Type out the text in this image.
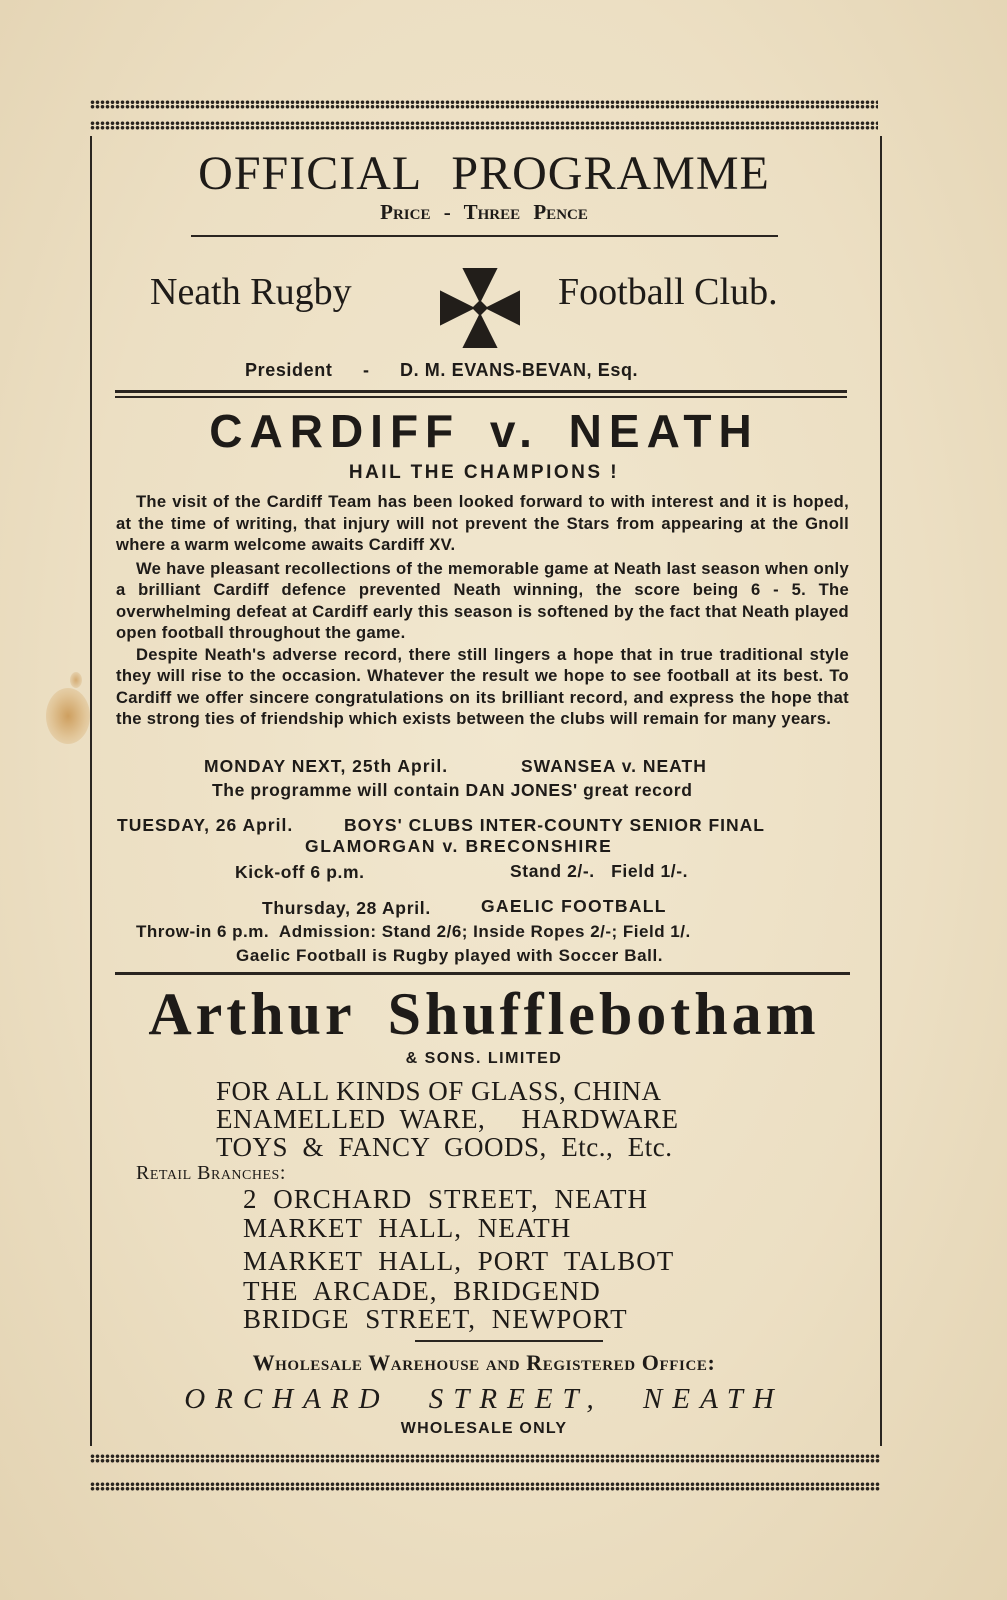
OFFICIAL PROGRAMME
Price - Three Pence
Neath Rugby	Football Club.
President - D. M. EVANS-BEVAN, Esq.
CARDIFF v. NEATH
HAIL THE CHAMPIONS !

The visit of the Cardiff Team has been looked forward to with interest and it is hoped, at the time of writing, that injury will not prevent the Stars from appearing at the Gnoll where a warm welcome awaits Cardiff XV.

We have pleasant recollections of the memorable game at Neath last season when only a brilliant Cardiff defence prevented Neath winning, the score being 6 - 5. The overwhelming defeat at Cardiff early this season is softened by the fact that Neath played open football throughout the game.

Despite Neath's adverse record, there still lingers a hope that in true traditional style they will rise to the occasion. Whatever the result we hope to see football at its best. To Cardiff we offer sincere congratulations on its brilliant record, and express the hope that the strong ties of friendship which exists between the clubs will remain for many years.

MONDAY NEXT, 25th April.	SWANSEA v. NEATH
The programme will contain DAN JONES' great record
TUESDAY, 26 April.	BOYS' CLUBS INTER-COUNTY SENIOR FINAL
GLAMORGAN v. BRECONSHIRE
Kick-off 6 p.m.	Stand 2/-.   Field 1/-.
Thursday, 28 April.	GAELIC FOOTBALL
Throw-in 6 p.m.  Admission: Stand 2/6; Inside Ropes 2/-; Field 1/.
Gaelic Football is Rugby played with Soccer Ball.
Arthur Shufflebotham
& SONS. LIMITED
FOR ALL KINDS OF GLASS, CHINA
ENAMELLED  WARE,     HARDWARE
TOYS  &  FANCY  GOODS,  Etc.,  Etc.
Retail Branches:
2 ORCHARD STREET, NEATH
MARKET HALL, NEATH
MARKET HALL, PORT TALBOT
THE ARCADE, BRIDGEND
BRIDGE STREET, NEWPORT
Wholesale Warehouse and Registered Office:
ORCHARD STREET, NEATH
WHOLESALE ONLY
